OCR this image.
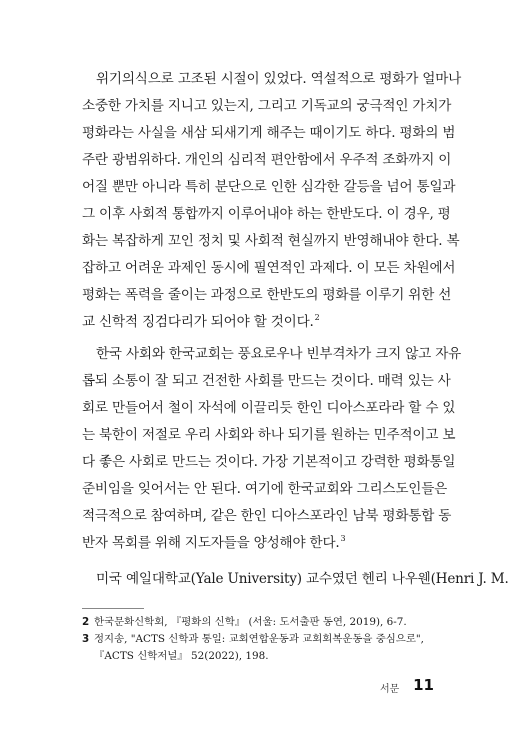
위기의식으로 고조된 시절이 있었다. 역설적으로 평화가 얼마나
소중한 가치를 지니고 있는지, 그리고 기독교의 궁극적인 가치가
평화라는 사실을 새삼 되새기게 해주는 때이기도 하다. 평화의 범
주란 광범위하다. 개인의 심리적 편안함에서 우주적 조화까지 이
어질 뿐만 아니라 특히 분단으로 인한 심각한 갈등을 넘어 통일과
그 이후 사회적 통합까지 이루어내야 하는 한반도다. 이 경우, 평
화는 복잡하게 꼬인 정치 및 사회적 현실까지 반영해내야 한다. 복
잡하고 어려운 과제인 동시에 필연적인 과제다. 이 모든 차원에서
평화는 폭력을 줄이는 과정으로 한반도의 평화를 이루기 위한 선
교 신학적 징검다리가 되어야 할 것이다.$^2$
한국 사회와 한국교회는 풍요로우나 빈부격차가 크지 않고 자유
롭되 소통이 잘 되고 건전한 사회를 만드는 것이다. 매력 있는 사
회로 만들어서 철이 자석에 이끌리듯 한인 디아스포라라 할 수 있
는 북한이 저절로 우리 사회와 하나 되기를 원하는 민주적이고 보
다 좋은 사회로 만드는 것이다. 가장 기본적이고 강력한 평화통일
준비임을 잊어서는 안 된다. 여기에 한국교회와 그리스도인들은
적극적으로 참여하며, 같은 한인 디아스포라인 남북 평화통합 동
반자 목회를 위해 지도자들을 양성해야 한다.$^3$
미국 예일대학교(Yale University) 교수였던 헨리 나우웬(Henri J. M.
2 한국문화신학회, 『평화의 신학』 (서울: 도서출판 동연, 2019), 6-7.
3 정지송, "ACTS 신학과 통일: 교회연합운동과 교회회복운동을 중심으로",
『ACTS 신학저널』 52(2022), 198.
서문 11
